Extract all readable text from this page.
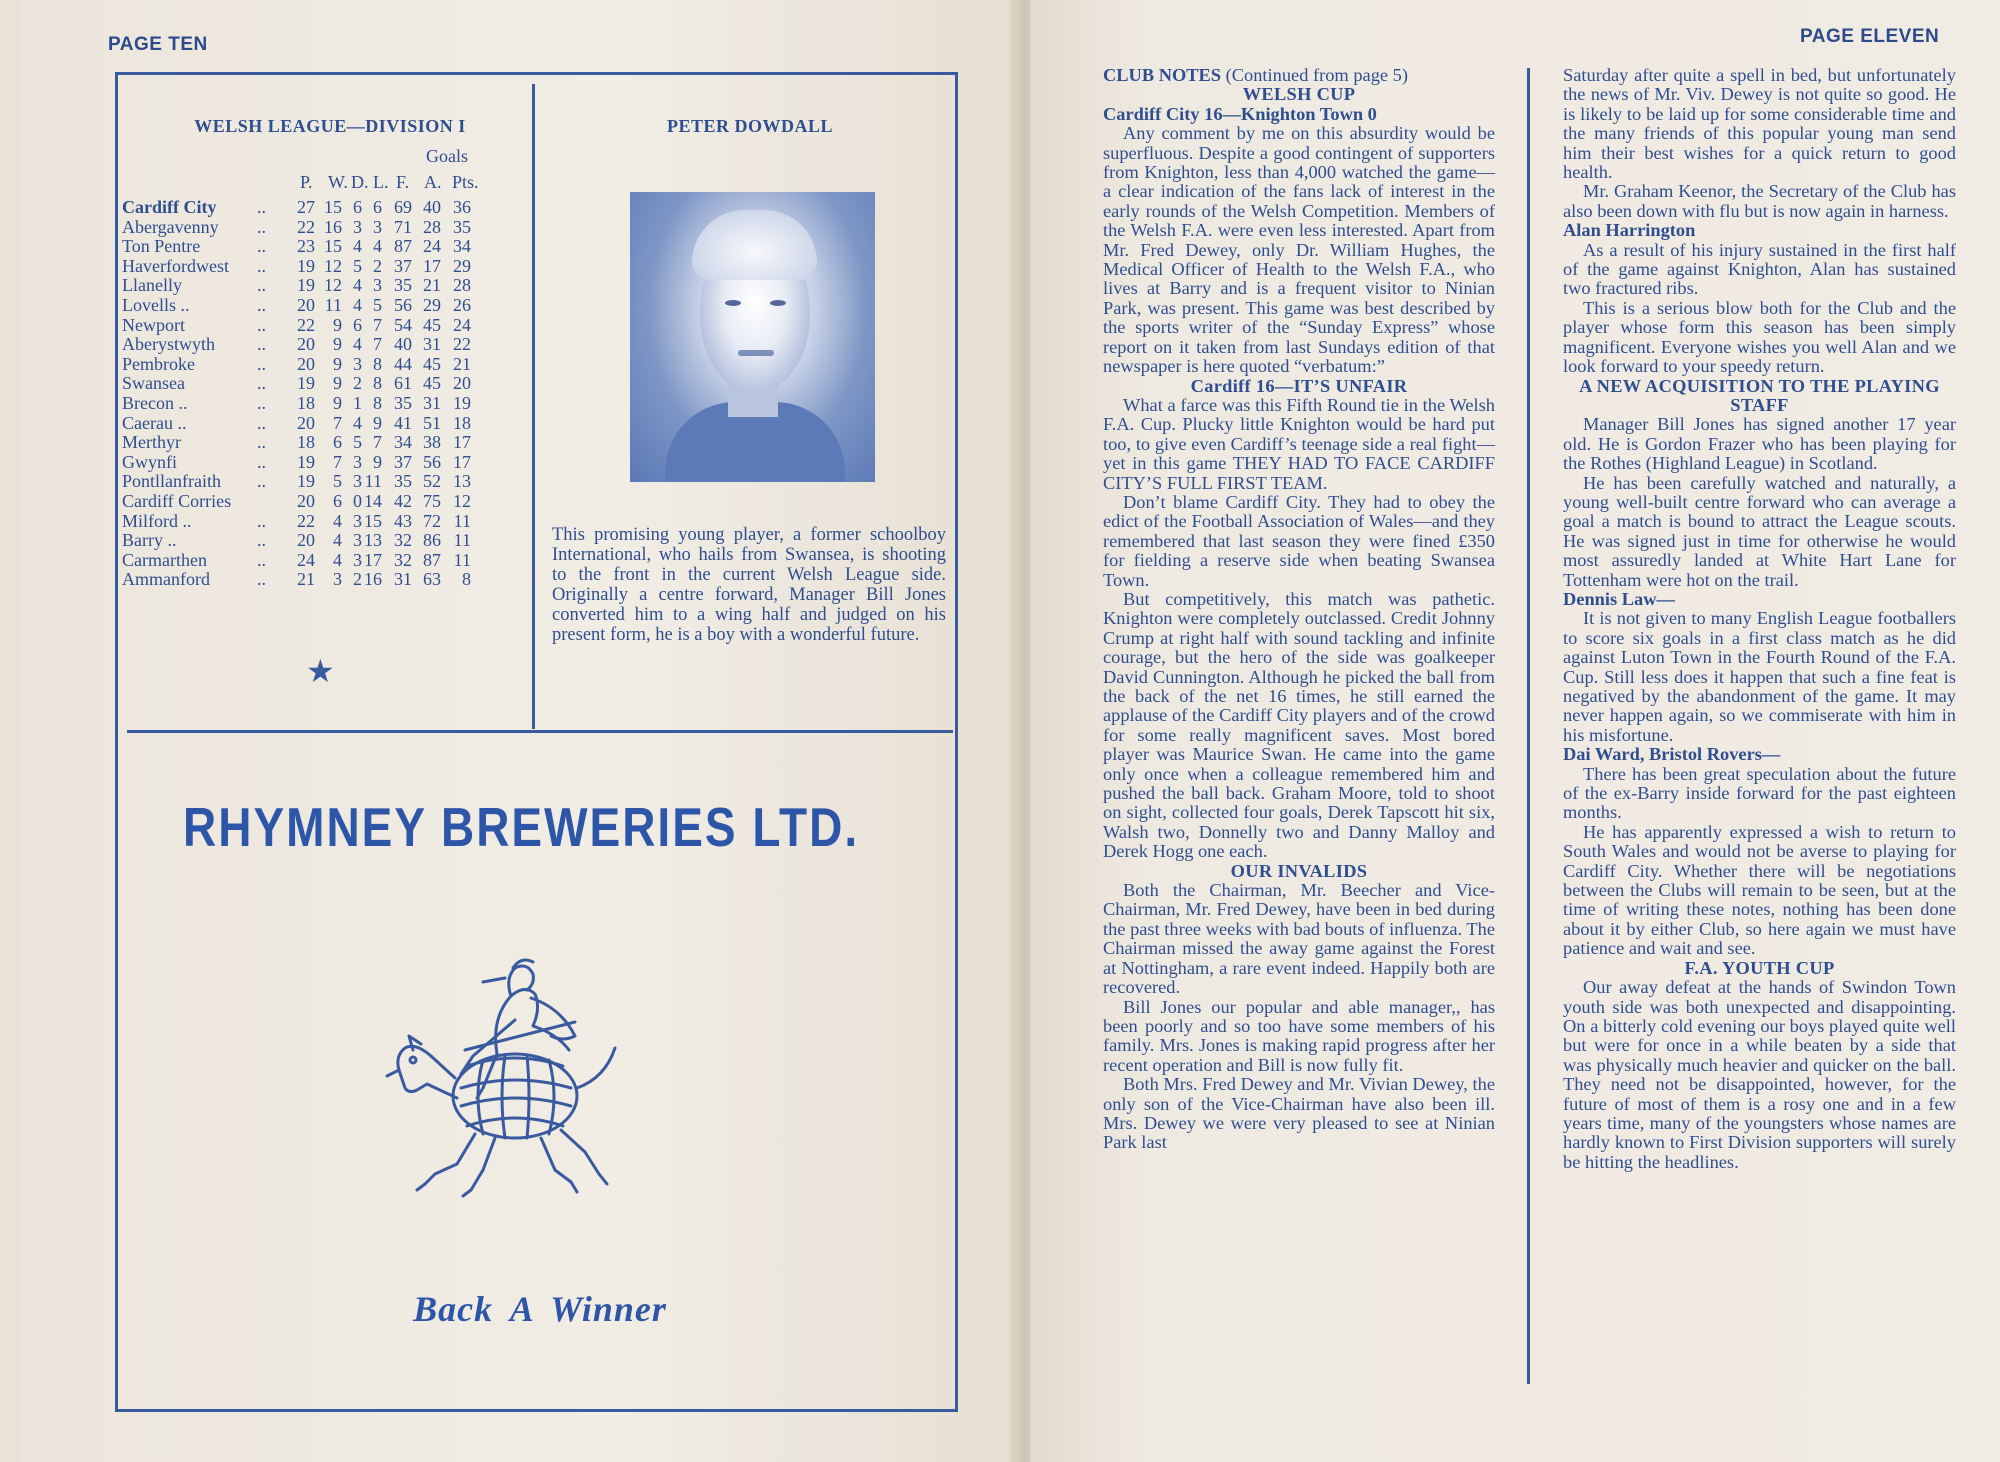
PAGE TEN
WELSH LEAGUE—DIVISION I
Goals
P. W. D. L. F. A. Pts.
Cardiff City	..	27	15	6	6	69	40	36
Abergavenny	..	22	16	3	3	71	28	35
Ton Pentre	..	23	15	4	4	87	24	34
Haverfordwest	..	19	12	5	2	37	17	29
Llanelly	..	19	12	4	3	35	21	28
Lovells ..	..	20	11	4	5	56	29	26
Newport	..	22	9	6	7	54	45	24
Aberystwyth	..	20	9	4	7	40	31	22
Pembroke	..	20	9	3	8	44	45	21
Swansea	..	19	9	2	8	61	45	20
Brecon ..	..	18	9	1	8	35	31	19
Caerau ..	..	20	7	4	9	41	51	18
Merthyr	..	18	6	5	7	34	38	17
Gwynfi	..	19	7	3	9	37	56	17
Pontllanfraith	..	19	5	3	11	35	52	13
Cardiff Corries		20	6	0	14	42	75	12
Milford ..	..	22	4	3	15	43	72	11
Barry ..	..	20	4	3	13	32	86	11
Carmarthen	..	24	4	3	17	32	87	11
Ammanford	..	21	3	2	16	31	63	8
★
PETER DOWDALL
This promising young player, a former schoolboy International, who hails from Swansea, is shooting to the front in the current Welsh League side. Originally a centre forward, Manager Bill Jones converted him to a wing half and judged on his present form, he is a boy with a wonderful future.
RHYMNEY BREWERIES LTD.
Back A Winner
PAGE ELEVEN

CLUB NOTES (Continued from page 5)

WELSH CUP

Cardiff City 16—Knighton Town 0

Any comment by me on this absurdity would be superfluous. Despite a good contingent of supporters from Knighton, less than 4,000 watched the game—a clear indication of the fans lack of interest in the early rounds of the Welsh Competition. Members of the Welsh F.A. were even less interested. Apart from Mr. Fred Dewey, only Dr. William Hughes, the Medical Officer of Health to the Welsh F.A., who lives at Barry and is a frequent visitor to Ninian Park, was present. This game was best described by the sports writer of the “Sunday Express” whose report on it taken from last Sundays edition of that newspaper is here quoted “verbatum:”

Cardiff 16—IT’S UNFAIR

What a farce was this Fifth Round tie in the Welsh F.A. Cup. Plucky little Knighton would be hard put too, to give even Cardiff’s teenage side a real fight—yet in this game THEY HAD TO FACE CARDIFF CITY’S FULL FIRST TEAM.

Don’t blame Cardiff City. They had to obey the edict of the Football Association of Wales—and they remembered that last season they were fined £350 for fielding a reserve side when beating Swansea Town.

But competitively, this match was pathetic. Knighton were completely outclassed. Credit Johnny Crump at right half with sound tackling and infinite courage, but the hero of the side was goalkeeper David Cunnington. Although he picked the ball from the back of the net 16 times, he still earned the applause of the Cardiff City players and of the crowd for some really magnificent saves. Most bored player was Maurice Swan. He came into the game only once when a colleague remembered him and pushed the ball back. Graham Moore, told to shoot on sight, collected four goals, Derek Tapscott hit six, Walsh two, Donnelly two and Danny Malloy and Derek Hogg one each.

OUR INVALIDS

Both the Chairman, Mr. Beecher and Vice-Chairman, Mr. Fred Dewey, have been in bed during the past three weeks with bad bouts of influenza. The Chairman missed the away game against the Forest at Nottingham, a rare event indeed. Happily both are recovered.

Bill Jones our popular and able manager,, has been poorly and so too have some members of his family. Mrs. Jones is making rapid progress after her recent operation and Bill is now fully fit.

Both Mrs. Fred Dewey and Mr. Vivian Dewey, the only son of the Vice-Chairman have also been ill. Mrs. Dewey we were very pleased to see at Ninian Park last

Saturday after quite a spell in bed, but unfortunately the news of Mr. Viv. Dewey is not quite so good. He is likely to be laid up for some considerable time and the many friends of this popular young man send him their best wishes for a quick return to good health.

Mr. Graham Keenor, the Secretary of the Club has also been down with flu but is now again in harness.

Alan Harrington

As a result of his injury sustained in the first half of the game against Knighton, Alan has sustained two fractured ribs.

This is a serious blow both for the Club and the player whose form this season has been simply magnificent. Everyone wishes you well Alan and we look forward to your speedy return.

A NEW ACQUISITION TO THE PLAYING STAFF

Manager Bill Jones has signed another 17 year old. He is Gordon Frazer who has been playing for the Rothes (Highland League) in Scotland.

He has been carefully watched and naturally, a young well-built centre forward who can average a goal a match is bound to attract the League scouts. He was signed just in time for otherwise he would most assuredly landed at White Hart Lane for Tottenham were hot on the trail.

Dennis Law—

It is not given to many English League footballers to score six goals in a first class match as he did against Luton Town in the Fourth Round of the F.A. Cup. Still less does it happen that such a fine feat is negatived by the abandonment of the game. It may never happen again, so we commiserate with him in his misfortune.

Dai Ward, Bristol Rovers—

There has been great speculation about the future of the ex-Barry inside forward for the past eighteen months.

He has apparently expressed a wish to return to South Wales and would not be averse to playing for Cardiff City. Whether there will be negotiations between the Clubs will remain to be seen, but at the time of writing these notes, nothing has been done about it by either Club, so here again we must have patience and wait and see.

F.A. YOUTH CUP

Our away defeat at the hands of Swindon Town youth side was both unexpected and disappointing. On a bitterly cold evening our boys played quite well but were for once in a while beaten by a side that was physically much heavier and quicker on the ball. They need not be disappointed, however, for the future of most of them is a rosy one and in a few years time, many of the youngsters whose names are hardly known to First Division supporters will surely be hitting the headlines.
